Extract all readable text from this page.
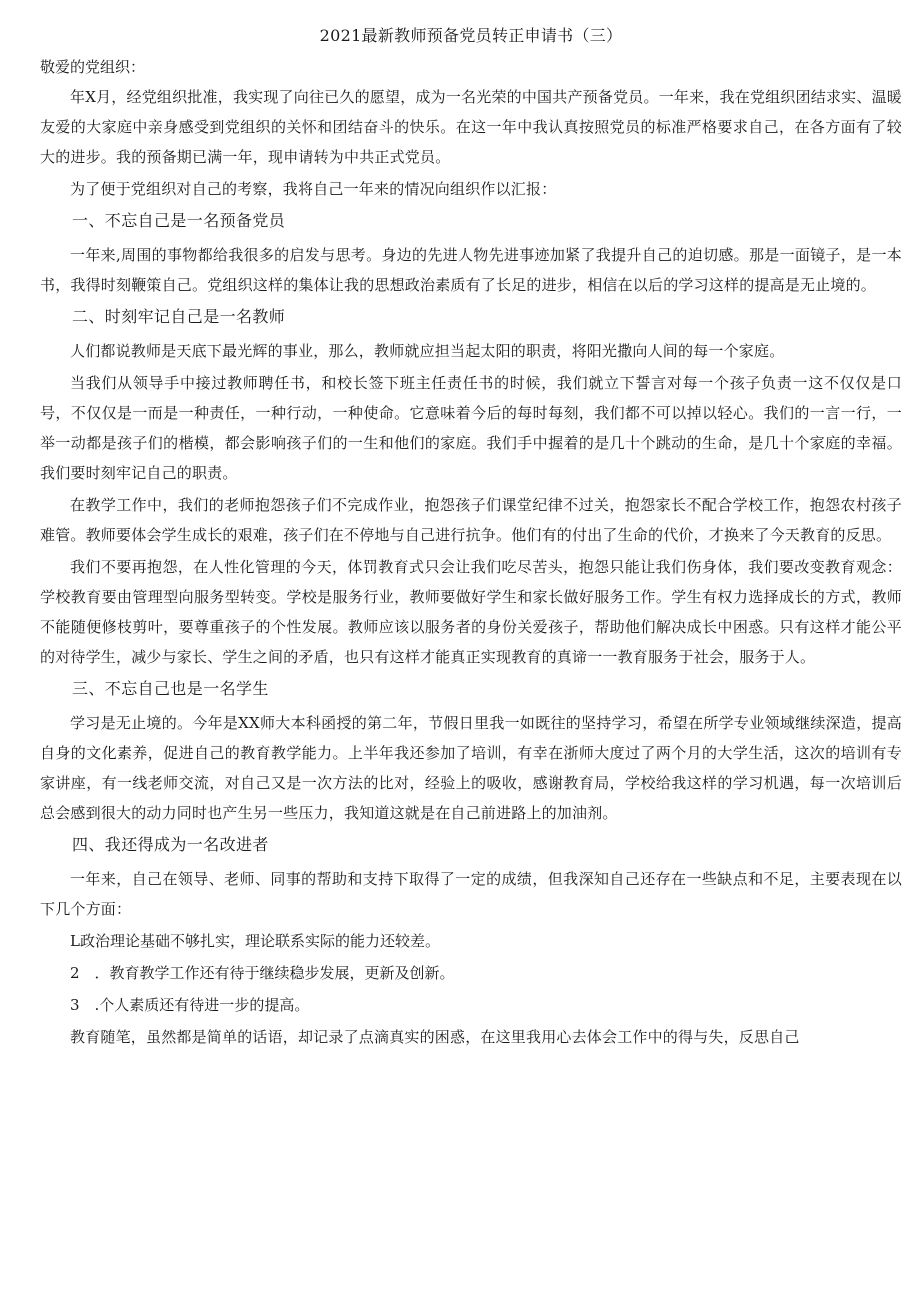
2021最新教师预备党员转正申请书（三）
敬爱的党组织：

年X月，经党组织批准，我实现了向往已久的愿望，成为一名光荣的中国共产预备党员。一年来，我在党组织团结求实、温暖友爱的大家庭中亲身感受到党组织的关怀和团结奋斗的快乐。在这一年中我认真按照党员的标准严格要求自己，在各方面有了较大的进步。我的预备期已满一年，现申请转为中共正式党员。

为了便于党组织对自己的考察，我将自己一年来的情况向组织作以汇报：

一、不忘自己是一名预备党员

一年来,周围的事物都给我很多的启发与思考。身边的先进人物先进事迹加紧了我提升自己的迫切感。那是一面镜子，是一本书，我得时刻鞭策自己。党组织这样的集体让我的思想政治素质有了长足的进步，相信在以后的学习这样的提高是无止境的。

二、时刻牢记自己是一名教师

人们都说教师是天底下最光辉的事业，那么，教师就应担当起太阳的职责，将阳光撒向人间的每一个家庭。

当我们从领导手中接过教师聘任书，和校长签下班主任责任书的时候，我们就立下誓言对每一个孩子负责一这不仅仅是口号，不仅仅是一而是一种责任，一种行动，一种使命。它意味着今后的每时每刻，我们都不可以掉以轻心。我们的一言一行，一举一动都是孩子们的楷模，都会影响孩子们的一生和他们的家庭。我们手中握着的是几十个跳动的生命，是几十个家庭的幸福。我们要时刻牢记自己的职责。

在教学工作中，我们的老师抱怨孩子们不完成作业，抱怨孩子们课堂纪律不过关，抱怨家长不配合学校工作，抱怨农村孩子难管。教师要体会学生成长的艰难，孩子们在不停地与自己进行抗争。他们有的付出了生命的代价，才换来了今天教育的反思。

我们不要再抱怨，在人性化管理的今天，体罚教育式只会让我们吃尽苦头，抱怨只能让我们伤身体，我们要改变教育观念：学校教育要由管理型向服务型转变。学校是服务行业，教师要做好学生和家长做好服务工作。学生有权力选择成长的方式，教师不能随便修枝剪叶，要尊重孩子的个性发展。教师应该以服务者的身份关爱孩子，帮助他们解决成长中困惑。只有这样才能公平的对待学生，减少与家长、学生之间的矛盾，也只有这样才能真正实现教育的真谛一一教育服务于社会，服务于人。

三、不忘自己也是一名学生

学习是无止境的。今年是XX师大本科函授的第二年，节假日里我一如既往的坚持学习，希望在所学专业领域继续深造，提高自身的文化素养，促进自己的教育教学能力。上半年我还参加了培训，有幸在浙师大度过了两个月的大学生活，这次的培训有专家讲座，有一线老师交流，对自己又是一次方法的比对，经验上的吸收，感谢教育局，学校给我这样的学习机遇，每一次培训后总会感到很大的动力同时也产生另一些压力，我知道这就是在自己前进路上的加油剂。

四、我还得成为一名改进者

一年来，自己在领导、老师、同事的帮助和支持下取得了一定的成绩，但我深知自己还存在一些缺点和不足，主要表现在以下几个方面：

L政治理论基础不够扎实，理论联系实际的能力还较差。
2　．教育教学工作还有待于继续稳步发展，更新及创新。
3　.个人素质还有待进一步的提高。

教育随笔，虽然都是简单的话语，却记录了点滴真实的困惑，在这里我用心去体会工作中的得与失，反思自己
